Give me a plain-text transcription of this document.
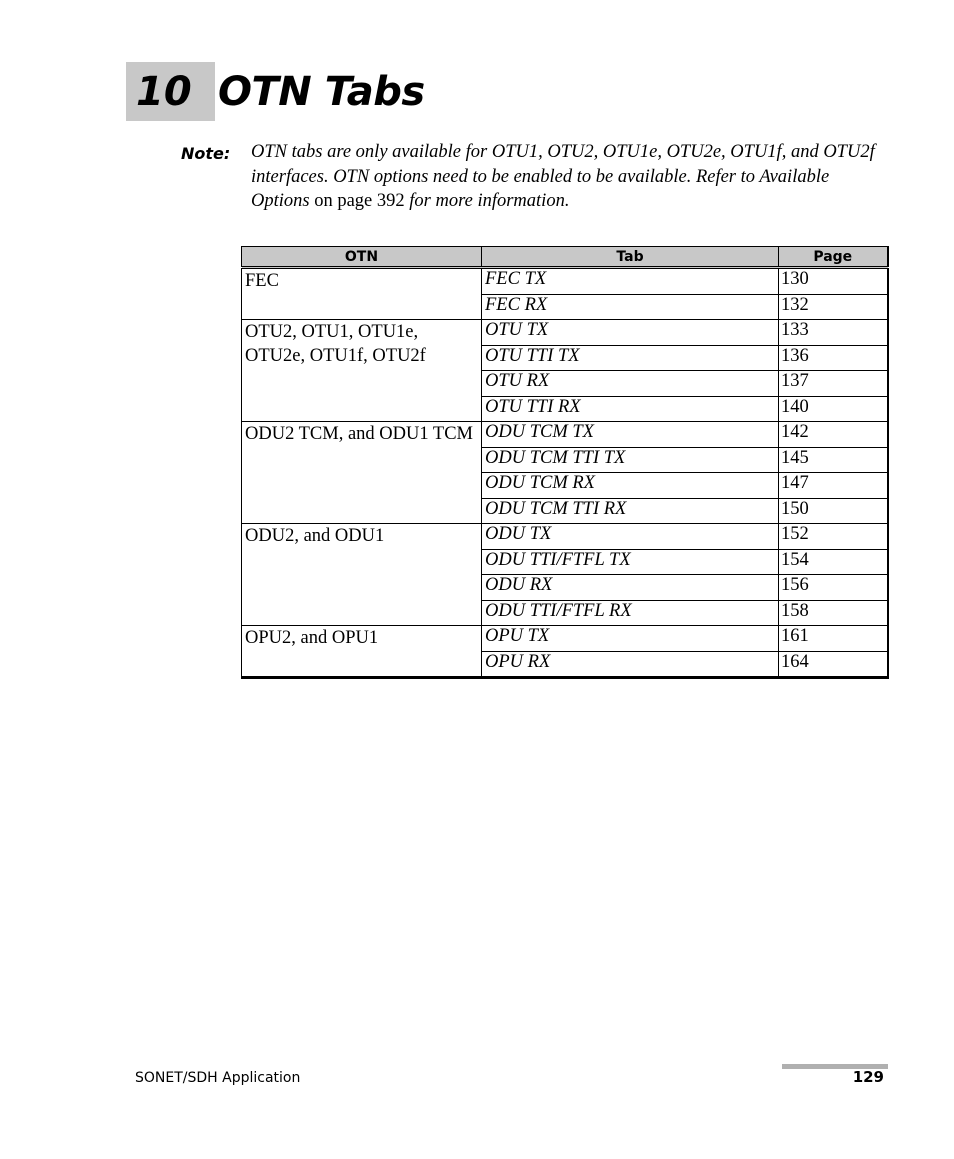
10 OTN Tabs
Note: OTN tabs are only available for OTU1, OTU2, OTU1e, OTU2e, OTU1f, and OTU2f interfaces. OTN options need to be enabled to be available. Refer to Available Options on page 392 for more information.
OTN	Tab	Page
FEC	FEC TX	130
	FEC RX	132
OTU2, OTU1, OTU1e, OTU2e, OTU1f, OTU2f	OTU TX	133
	OTU TTI TX	136
	OTU RX	137
	OTU TTI RX	140
ODU2 TCM, and ODU1 TCM	ODU TCM TX	142
	ODU TCM TTI TX	145
	ODU TCM RX	147
	ODU TCM TTI RX	150
ODU2, and ODU1	ODU TX	152
	ODU TTI/FTFL TX	154
	ODU RX	156
	ODU TTI/FTFL RX	158
OPU2, and OPU1	OPU TX	161
	OPU RX	164
SONET/SDH Application	129
